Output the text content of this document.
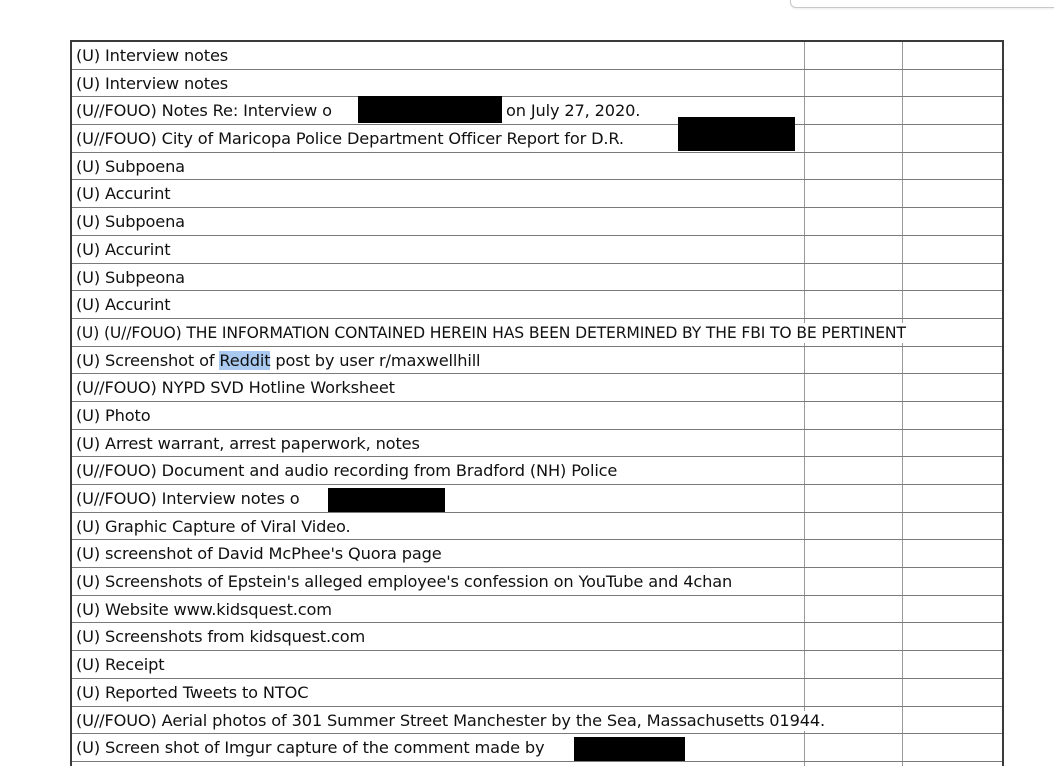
(U) Interview notes
(U) Interview notes
(U//FOUO) Notes Re: Interview o	on July 27, 2020.
(U//FOUO) City of Maricopa Police Department Officer Report for D.R.
(U) Subpoena
(U) Accurint
(U) Subpoena
(U) Accurint
(U) Subpeona
(U) Accurint
(U) (U//FOUO) THE INFORMATION CONTAINED HEREIN HAS BEEN DETERMINED BY THE FBI TO BE PERTINENT
(U) Screenshot of Reddit post by user r/maxwellhill
(U//FOUO) NYPD SVD Hotline Worksheet
(U) Photo
(U) Arrest warrant, arrest paperwork, notes
(U//FOUO) Document and audio recording from Bradford (NH) Police
(U//FOUO) Interview notes o
(U) Graphic Capture of Viral Video.
(U) screenshot of David McPhee's Quora page
(U) Screenshots of Epstein's alleged employee's confession on YouTube and 4chan
(U) Website www.kidsquest.com
(U) Screenshots from kidsquest.com
(U) Receipt
(U) Reported Tweets to NTOC
(U//FOUO) Aerial photos of 301 Summer Street Manchester by the Sea, Massachusetts 01944.
(U) Screen shot of Imgur capture of the comment made by
